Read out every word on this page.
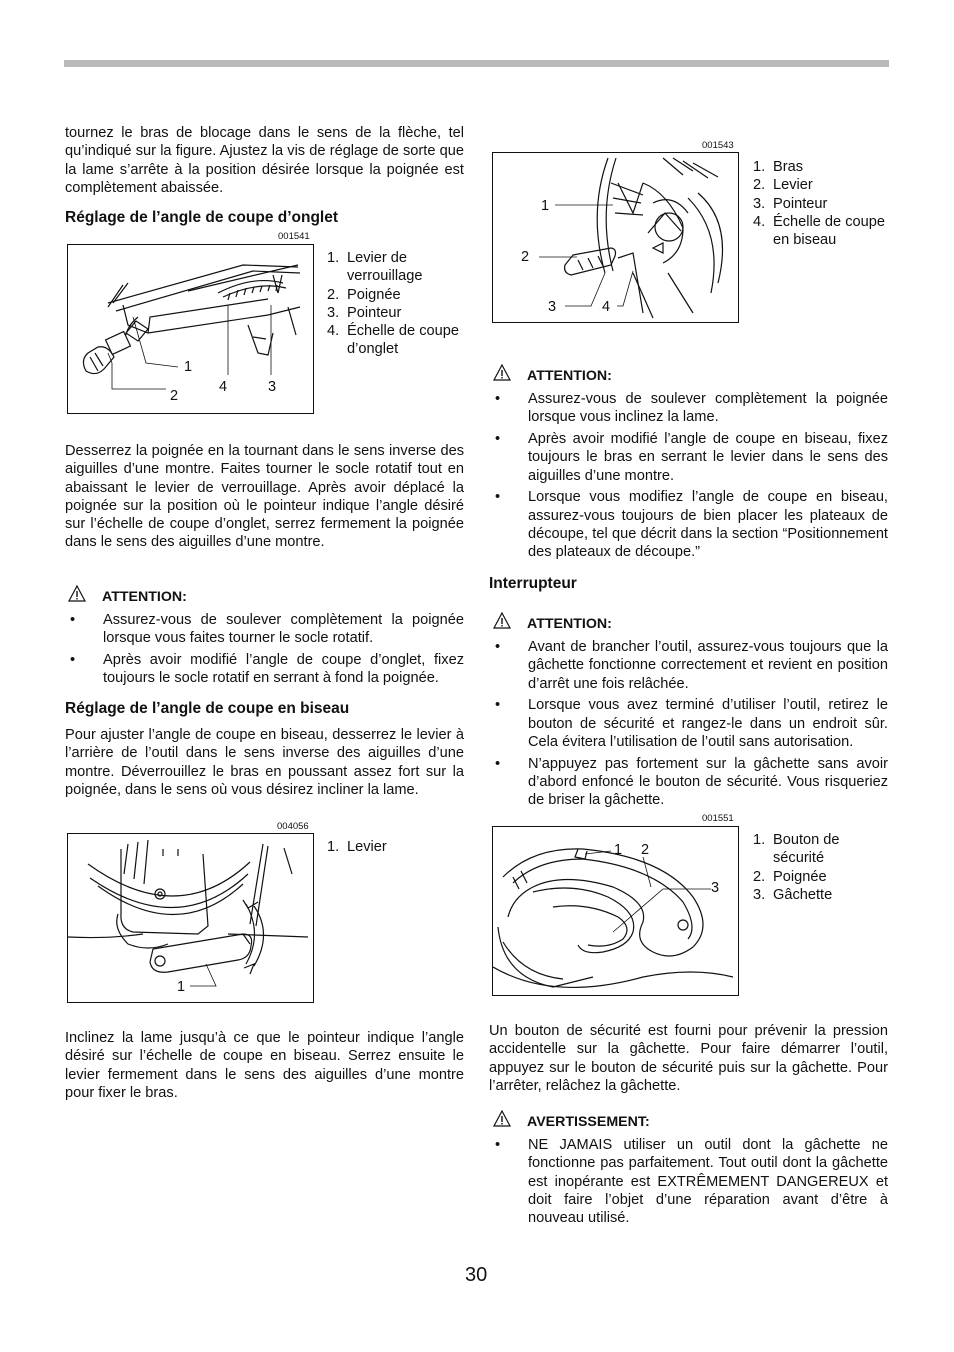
tournez le bras de blocage dans le sens de la flèche, tel qu’indiqué sur la figure. Ajustez la vis de réglage de sorte que la lame s’arrête à la position désirée lorsque la poignée est complètement abaissée.

Réglage de l’angle de coupe d’onglet
001541
1
2
4	3
1. Levier de verrouillage
2. Poignée
3. Pointeur
4. Échelle de coupe d’onglet

Desserrez la poignée en la tournant dans le sens inverse des aiguilles d’une montre. Faites tourner le socle rotatif tout en abaissant le levier de verrouillage. Après avoir déplacé la poignée sur la position où le pointeur indique l’angle désiré sur l’échelle de coupe d’onglet, serrez fermement la poignée dans le sens des aiguilles d’une montre.

ATTENTION:
• Assurez-vous de soulever complètement la poignée lorsque vous faites tourner le socle rotatif.
• Après avoir modifié l’angle de coupe d’onglet, fixez toujours le socle rotatif en serrant à fond la poignée.
Réglage de l’angle de coupe en biseau

Pour ajuster l’angle de coupe en biseau, desserrez le levier à l’arrière de l’outil dans le sens inverse des aiguilles d’une montre. Déverrouillez le bras en poussant assez fort sur la poignée, dans le sens où vous désirez incliner la lame.

004056
1
1. Levier

Inclinez la lame jusqu’à ce que le pointeur indique l’angle désiré sur l’échelle de coupe en biseau. Serrez ensuite le levier fermement dans le sens des aiguilles d’une montre pour fixer le bras.

001543
1
2
3	4
1. Bras
2. Levier
3. Pointeur
4. Échelle de coupe en biseau
ATTENTION:
• Assurez-vous de soulever complètement la poignée lorsque vous inclinez la lame.
• Après avoir modifié l’angle de coupe en biseau, fixez toujours le bras en serrant le levier dans le sens des aiguilles d’une montre.
• Lorsque vous modifiez l’angle de coupe en biseau, assurez-vous toujours de bien placer les plateaux de découpe, tel que décrit dans la section “Positionnement des plateaux de découpe.”
Interrupteur
ATTENTION:
• Avant de brancher l’outil, assurez-vous toujours que la gâchette fonctionne correctement et revient en position d’arrêt une fois relâchée.
• Lorsque vous avez terminé d’utiliser l’outil, retirez le bouton de sécurité et rangez-le dans un endroit sûr. Cela évitera l’utilisation de l’outil sans autorisation.
• N’appuyez pas fortement sur la gâchette sans avoir d’abord enfoncé le bouton de sécurité. Vous risqueriez de briser la gâchette.
001551
1 2
3
1. Bouton de sécurité
2. Poignée
3. Gâchette

Un bouton de sécurité est fourni pour prévenir la pression accidentelle sur la gâchette. Pour faire démarrer l’outil, appuyez sur le bouton de sécurité puis sur la gâchette. Pour l’arrêter, relâchez la gâchette.

AVERTISSEMENT:
• NE JAMAIS utiliser un outil dont la gâchette ne fonctionne pas parfaitement. Tout outil dont la gâchette est inopérante est EXTRÊMEMENT DANGEREUX et doit faire l’objet d’une réparation avant d’être à nouveau utilisé.
30
